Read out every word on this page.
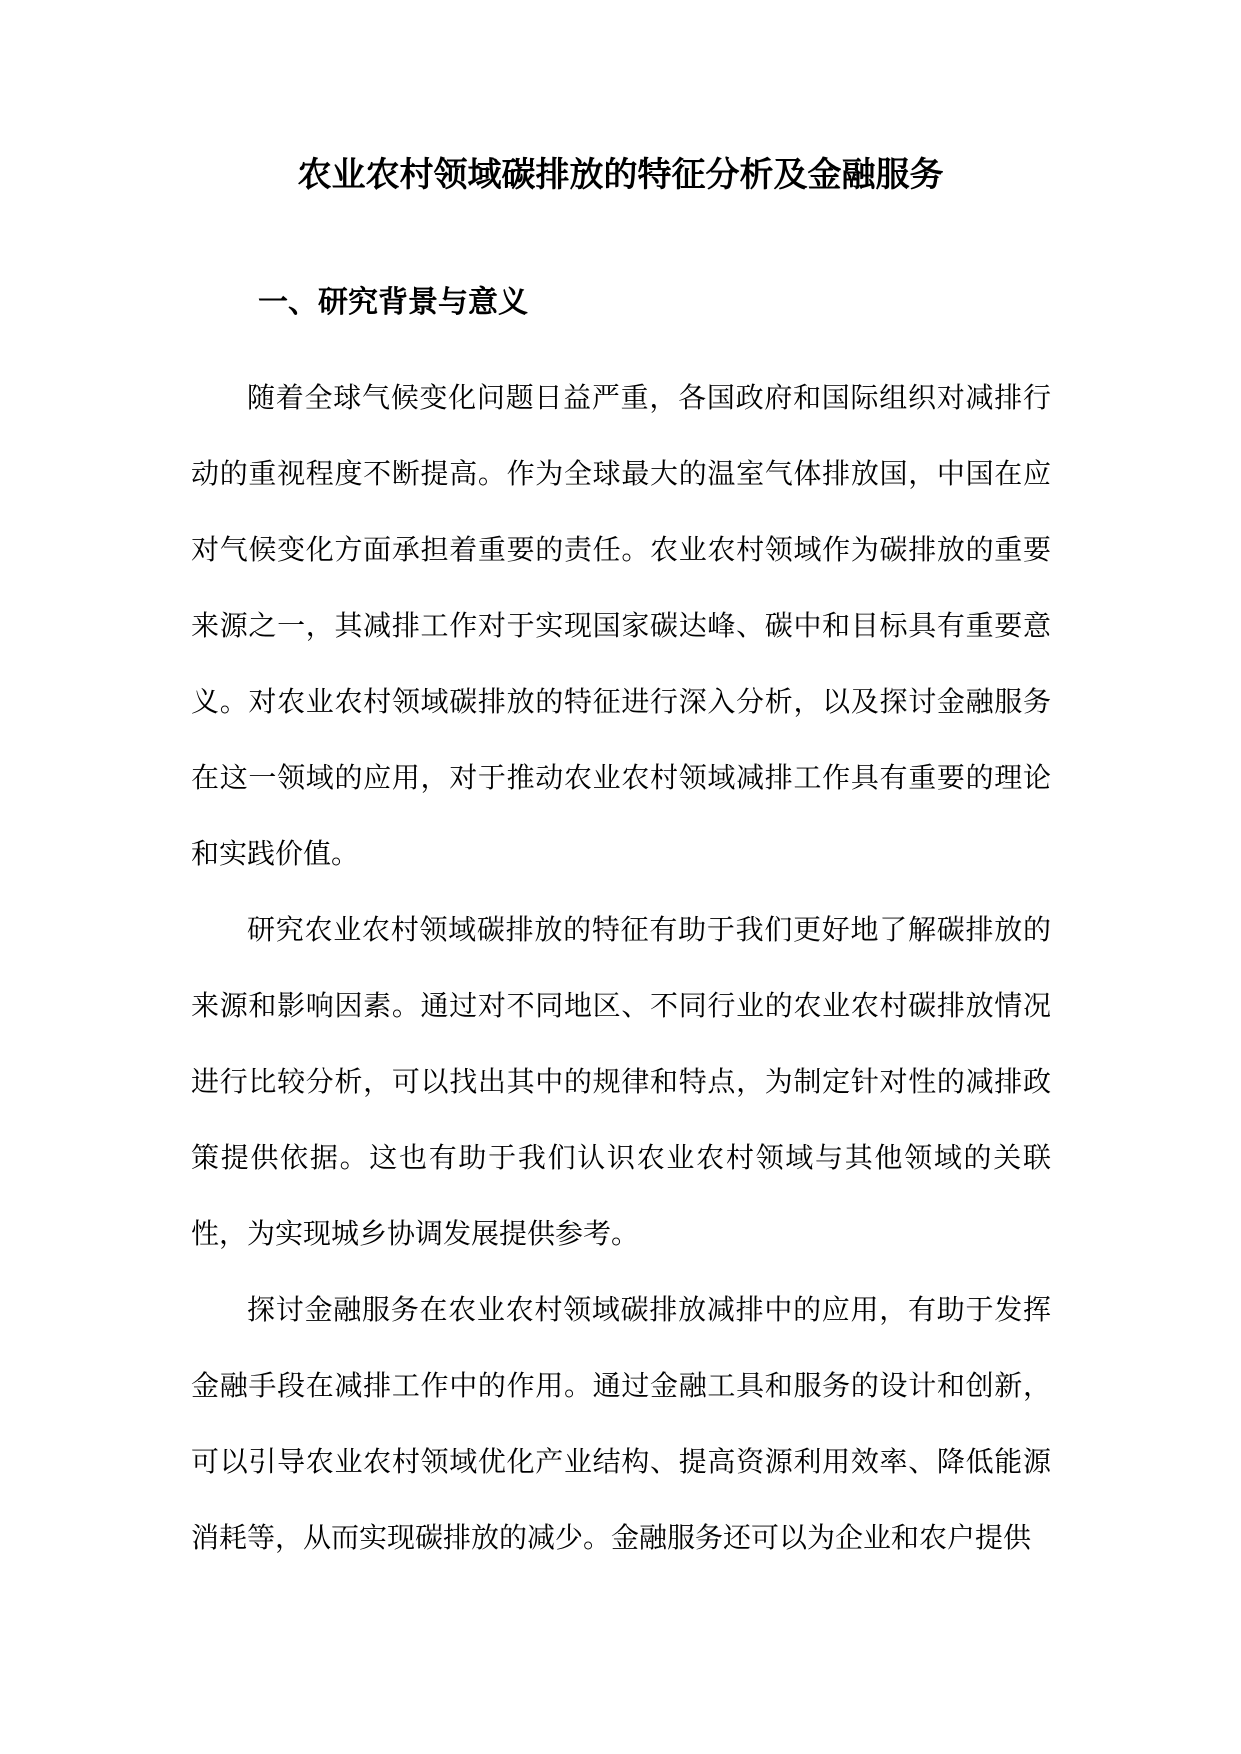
农业农村领域碳排放的特征分析及金融服务
一、研究背景与意义

随着全球气候变化问题日益严重，各国政府和国际组织对减排行动的重视程度不断提高。作为全球最大的温室气体排放国，中国在应对气候变化方面承担着重要的责任。农业农村领域作为碳排放的重要来源之一，其减排工作对于实现国家碳达峰、碳中和目标具有重要意义。对农业农村领域碳排放的特征进行深入分析，以及探讨金融服务在这一领域的应用，对于推动农业农村领域减排工作具有重要的理论和实践价值。

研究农业农村领域碳排放的特征有助于我们更好地了解碳排放的来源和影响因素。通过对不同地区、不同行业的农业农村碳排放情况进行比较分析，可以找出其中的规律和特点，为制定针对性的减排政策提供依据。这也有助于我们认识农业农村领域与其他领域的关联性，为实现城乡协调发展提供参考。

探讨金融服务在农业农村领域碳排放减排中的应用，有助于发挥金融手段在减排工作中的作用。通过金融工具和服务的设计和创新，可以引导农业农村领域优化产业结构、提高资源利用效率、降低能源消耗等，从而实现碳排放的减少。金融服务还可以为企业和农户提供
